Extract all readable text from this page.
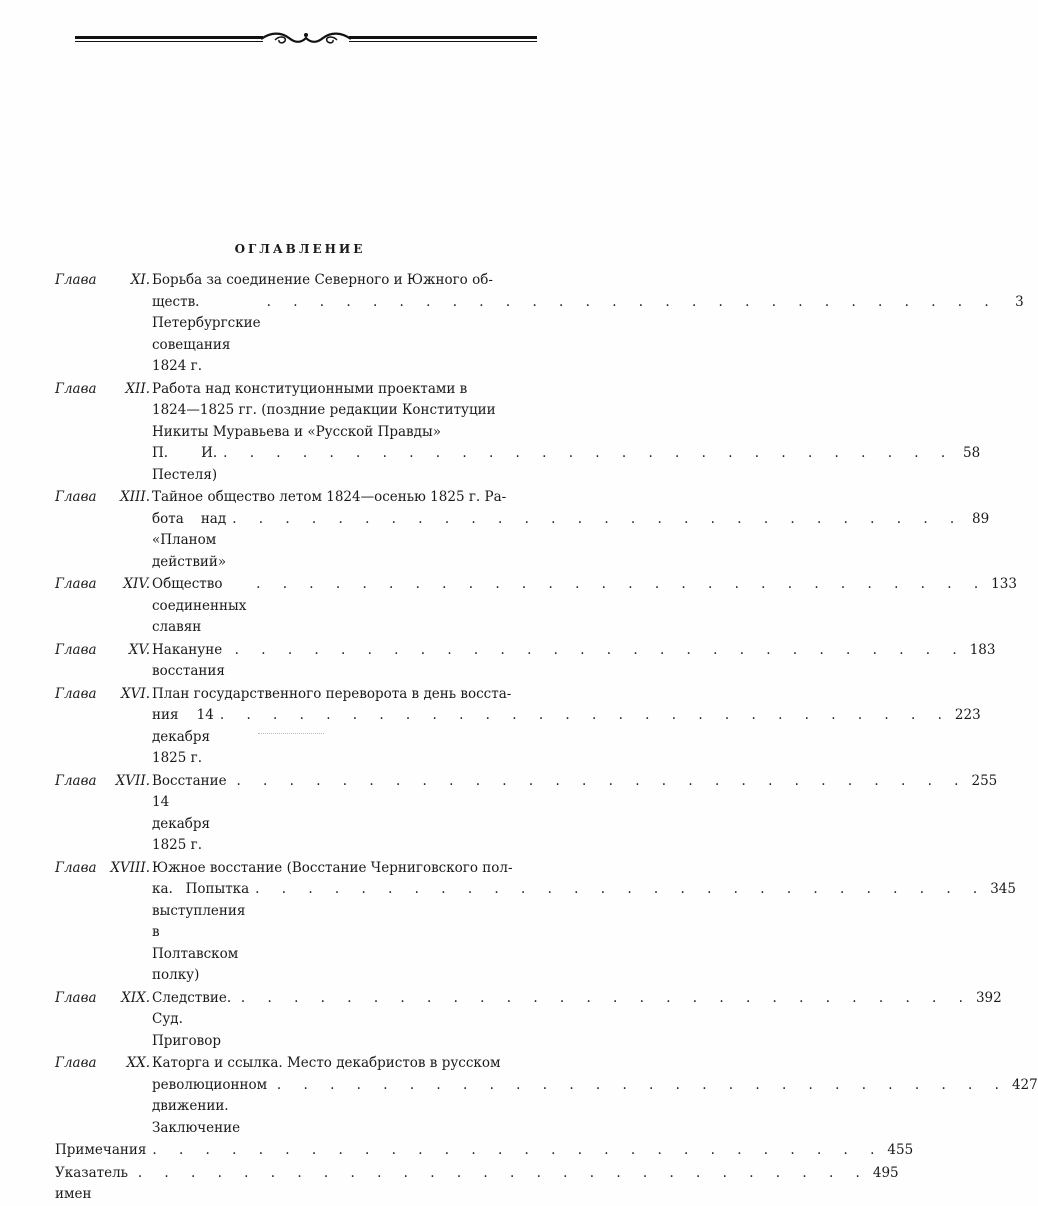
ОГЛАВЛЕНИЕ
Глава	XI. Борьба за соединение Северного и Южного об-
ществ. Петербургские совещания 1824 г.
. . . . . . . . . . . . . . . . . . . . . . . . . . . .	3
Глава	XII. Работа над конституционными проектами в
1824—1825 гг. (поздние редакции Конституции
Никиты Муравьева и «Русской Правды»
П. И. Пестеля)
. . . . . . . . . . . . . . . . . . . . . . . . . . . . 58
Глава	XIII. Тайное общество летом 1824—осенью 1825 г. Ра-
бота над «Планом действий»
. . . . . . . . . . . . . . . . . . . . . . . . . . . . 89
Глава	XIV. Общество соединенных славян
. . . . . . . . . . . . . . . . . . . . . . . . . . . . 133
Глава	XV. Накануне восстания
. . . . . . . . . . . . . . . . . . . . . . . . . . . . 183
Глава	XVI. План государственного переворота в день восста-
ния 14 декабря 1825 г.
. . . . . . . . . . . . . . . . . . . . . . . . . . . . 223
Глава	XVII. Восстание 14 декабря 1825 г.
. . . . . . . . . . . . . . . . . . . . . . . . . . . . 255
Глава	XVIII. Южное восстание (Восстание Черниговского пол-
ка. Попытка выступления в Полтавском полку)
. . . . . . . . . . . . . . . . . . . . . . . . . . . . 345
Глава	XIX. Следствие. Суд. Приговор
. . . . . . . . . . . . . . . . . . . . . . . . . . . . 392
Глава	XX. Каторга и ссылка. Место декабристов в русском
революционном движении. Заключение
. . . . . . . . . . . . . . . . . . . . . . . . . . . . 427
Примечания . . . . . . . . . . . . . . . . . . . . . . . . . . . . 455
Указатель имен
. . . . . . . . . . . . . . . . . . . . . . . . . . . . 495
